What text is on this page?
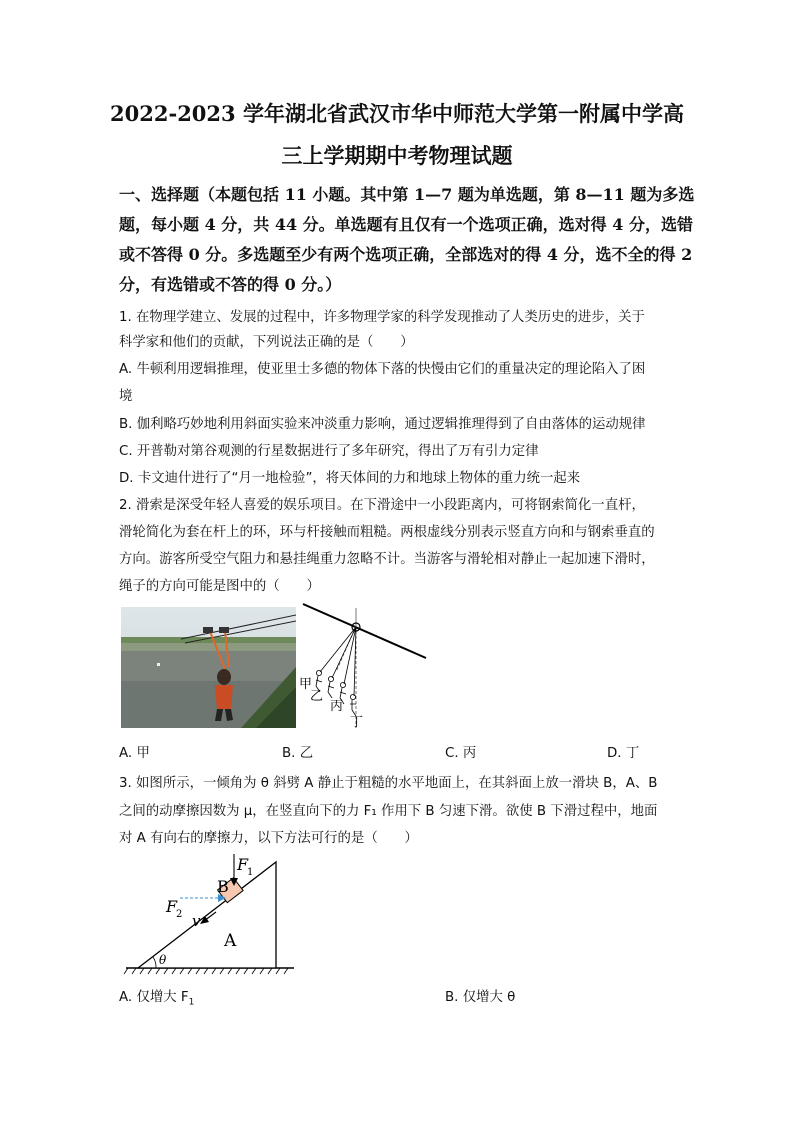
2022-2023 学年湖北省武汉市华中师范大学第一附属中学高
三上学期期中考物理试题
一、选择题（本题包括 11 小题。其中第 1—7 题为单选题，第 8—11 题为多选
题，每小题 4 分，共 44 分。单选题有且仅有一个选项正确，选对得 4 分，选错
或不答得 0 分。多选题至少有两个选项正确，全部选对的得 4 分，选不全的得 2
分，有选错或不答的得 0 分。）
1. 在物理学建立、发展的过程中，许多物理学家的科学发现推动了人类历史的进步，关于
科学家和他们的贡献，下列说法正确的是（　　）
A. 牛顿利用逻辑推理，使亚里士多德的物体下落的快慢由它们的重量决定的理论陷入了困
境
B. 伽利略巧妙地利用斜面实验来冲淡重力影响，通过逻辑推理得到了自由落体的运动规律
C. 开普勒对第谷观测的行星数据进行了多年研究，得出了万有引力定律
D. 卡文迪什进行了“月一地检验”，将天体间的力和地球上物体的重力统一起来
2. 滑索是深受年轻人喜爱的娱乐项目。在下滑途中一小段距离内，可将钢索简化一直杆，
滑轮简化为套在杆上的环，环与杆接触而粗糙。两根虚线分别表示竖直方向和与钢索垂直的
方向。游客所受空气阻力和悬挂绳重力忽略不计。当游客与滑轮相对静止一起加速下滑时，
绳子的方向可能是图中的（　　）
甲
乙
丙
丁
A. 甲	B. 乙	C. 丙	D. 丁
3. 如图所示，一倾角为 θ 斜劈 A 静止于粗糙的水平地面上，在其斜面上放一滑块 B，A、B
之间的动摩擦因数为 μ，在竖直向下的力 F₁ 作用下 B 匀速下滑。欲使 B 下滑过程中，地面
对 A 有向右的摩擦力，以下方法可行的是（　　）
F
1
B
F
2 v
A
θ
A. 仅增大 $F_1$	B. 仅增大 θ
